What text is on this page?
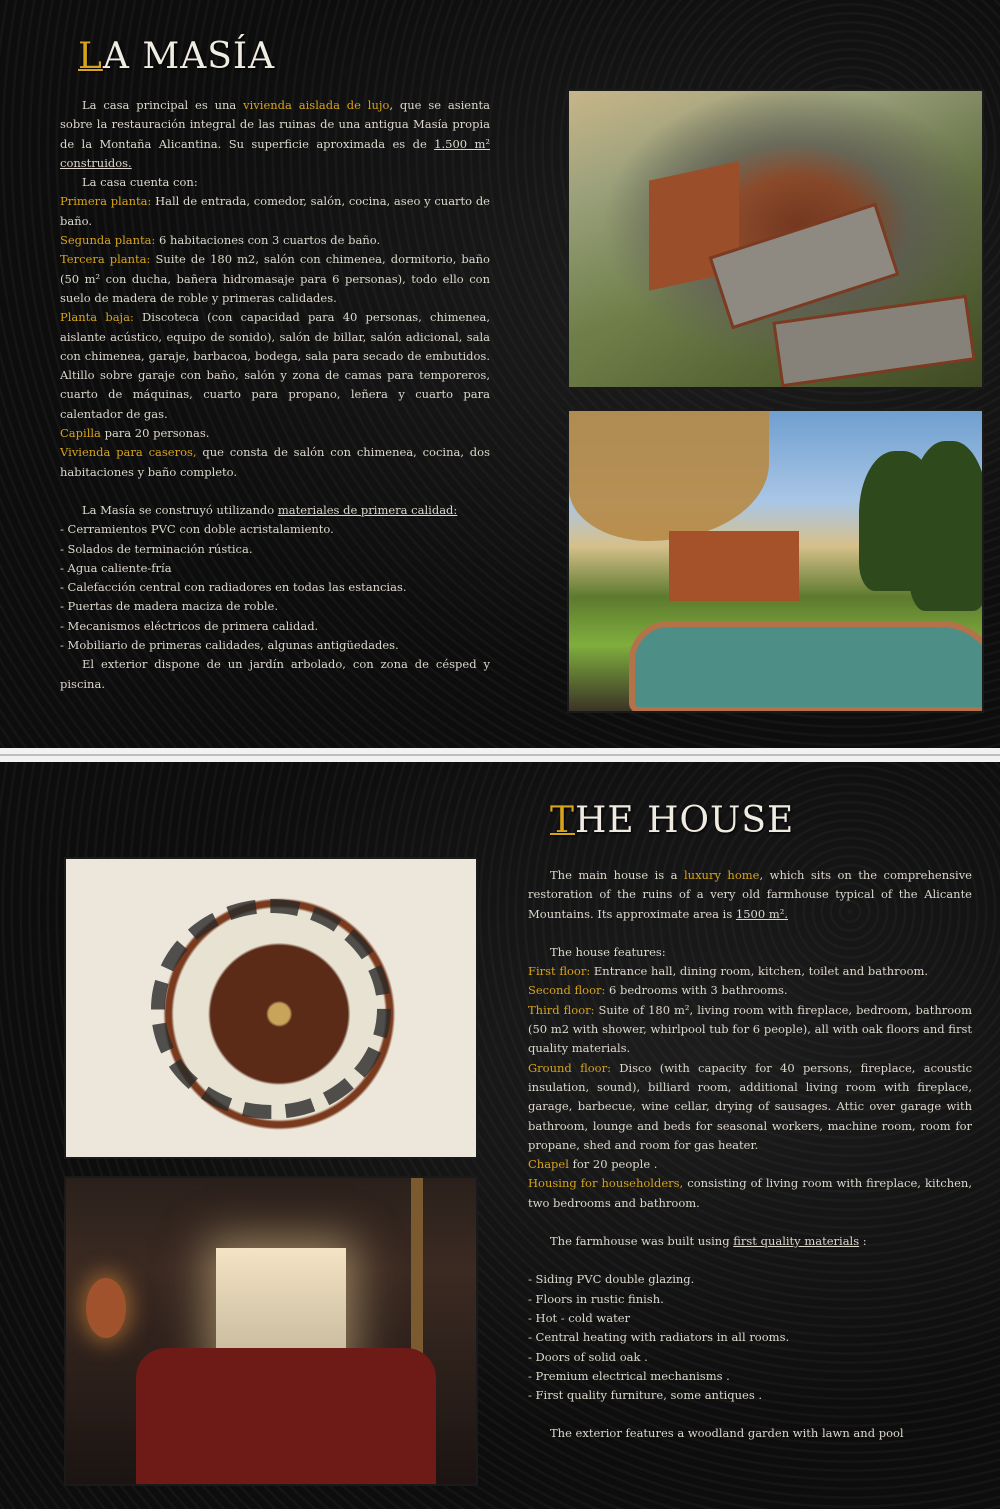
LA MASÍA

La casa principal es una vivienda aislada de lujo, que se asienta sobre la restauración integral de las ruinas de una antigua Masía propia de la Montaña Alicantina. Su superficie aproximada es de 1.500 m² construidos.

La casa cuenta con:

Primera planta: Hall de entrada, comedor, salón, cocina, aseo y cuarto de baño.

Segunda planta: 6 habitaciones con 3 cuartos de baño.

Tercera planta: Suite de 180 m2, salón con chimenea, dormitorio, baño (50 m² con ducha, bañera hidromasaje para 6 personas), todo ello con suelo de madera de roble y primeras calidades.

Planta baja: Discoteca (con capacidad para 40 personas, chimenea, aislante acústico, equipo de sonido), salón de billar, salón adicional, sala con chimenea, garaje, barbacoa, bodega, sala para secado de embutidos. Altillo sobre garaje con baño, salón y zona de camas para temporeros, cuarto de máquinas, cuarto para propano, leñera y cuarto para calentador de gas.

Capilla para 20 personas.

Vivienda para caseros, que consta de salón con chimenea, cocina, dos habitaciones y baño completo.

La Masía se construyó utilizando materiales de primera calidad:

- Cerramientos PVC con doble acristalamiento.

- Solados de terminación rústica.

- Agua caliente-fría

- Calefacción central con radiadores en todas las estancias.

- Puertas de madera maciza de roble.

- Mecanismos eléctricos de primera calidad.

- Mobiliario de primeras calidades, algunas antigüedades.

El exterior dispone de un jardín arbolado, con zona de césped y piscina.

THE HOUSE

The main house is a luxury home, which sits on the comprehensive restoration of the ruins of a very old farmhouse typical of the Alicante Mountains. Its approximate area is 1500 m².

The house features:

First floor: Entrance hall, dining room, kitchen, toilet and bathroom.

Second floor: 6 bedrooms with 3 bathrooms.

Third floor: Suite of 180 m², living room with fireplace, bedroom, bathroom (50 m2 with shower, whirlpool tub for 6 people), all with oak floors and first quality materials.

Ground floor: Disco (with capacity for 40 persons, fireplace, acoustic insulation, sound), billiard room, additional living room with fireplace, garage, barbecue, wine cellar, drying of sausages. Attic over garage with bathroom, lounge and beds for seasonal workers, machine room, room for propane, shed and room for gas heater.

Chapel for 20 people .

Housing for householders, consisting of living room with fireplace, kitchen, two bedrooms and bathroom.

The farmhouse was built using first quality materials :

- Siding PVC double glazing.

- Floors in rustic finish.

- Hot - cold water

- Central heating with radiators in all rooms.

- Doors of solid oak .

- Premium electrical mechanisms .

- First quality furniture, some antiques .

The exterior features a woodland garden with lawn and pool
